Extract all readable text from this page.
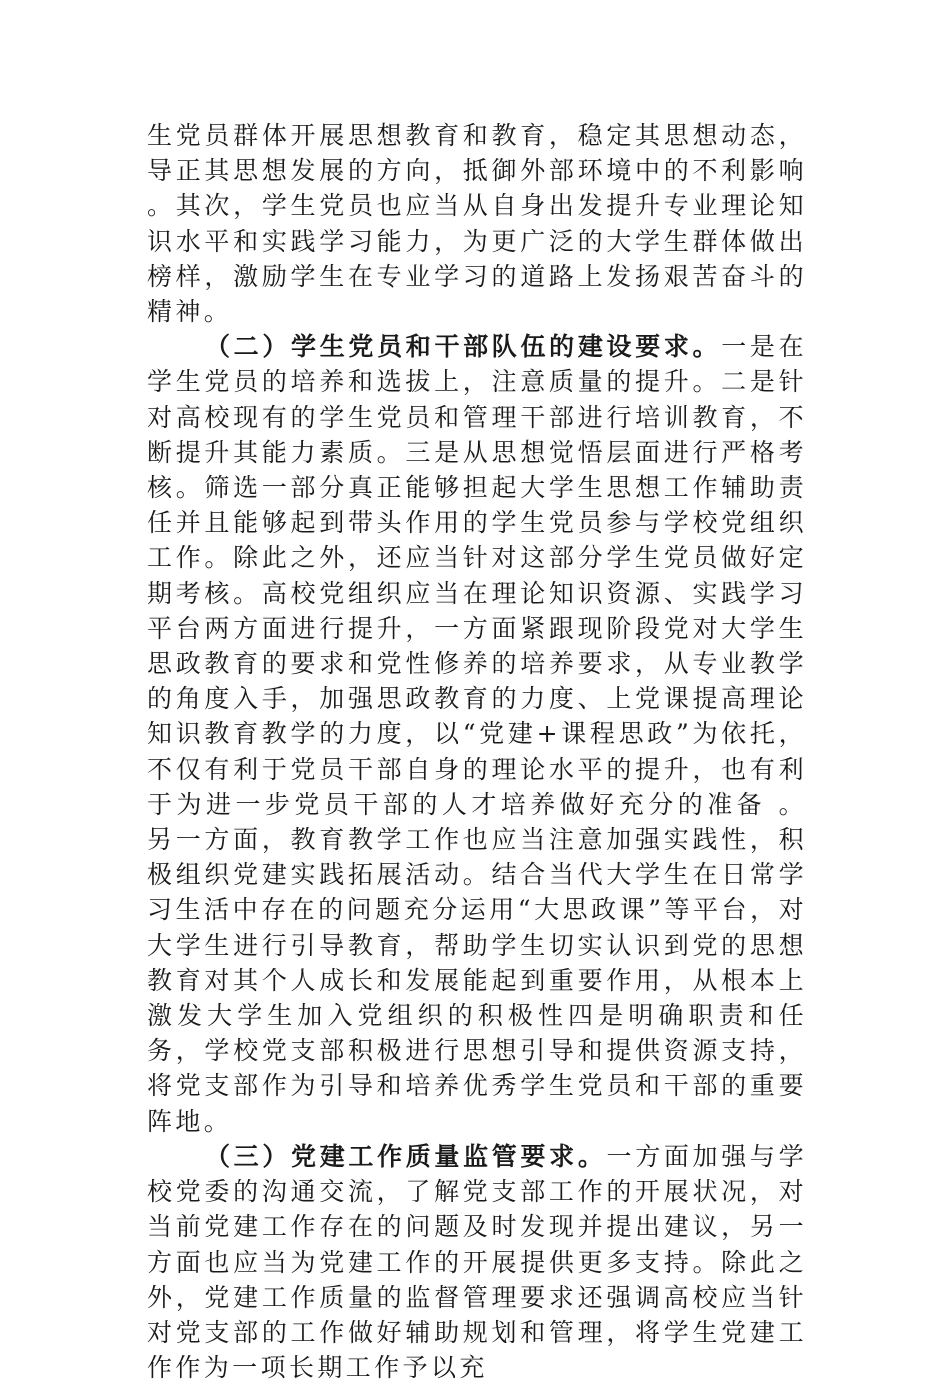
生党员群体开展思想教育和教育，稳定其思想动态，导正其思想发展的方向，抵御外部环境中的不利影响 。其次，学生党员也应当从自身出发提升专业理论知识水平和实践学习能力，为更广泛的大学生群体做出榜样，激励学生在专业学习的道路上发扬艰苦奋斗的精神。

（二）学生党员和干部队伍的建设要求。一是在学生党员的培养和选拔上，注意质量的提升。二是针对高校现有的学生党员和管理干部进行培训教育，不断提升其能力素质。三是从思想觉悟层面进行严格考核。筛选一部分真正能够担起大学生思想工作辅助责任并且能够起到带头作用的学生党员参与学校党组织工作。除此之外，还应当针对这部分学生党员做好定期考核。高校党组织应当在理论知识资源、实践学习平台两方面进行提升，一方面紧跟现阶段党对大学生思政教育的要求和党性修养的培养要求，从专业教学的角度入手，加强思政教育的力度、上党课提高理论知识教育教学的力度，以“党建+课程思政”为依托，不仅有利于党员干部自身的理论水平的提升，也有利于为进一步党员干部的人才培养做好充分的准备 。另一方面，教育教学工作也应当注意加强实践性，积极组织党建实践拓展活动。结合当代大学生在日常学习生活中存在的问题充分运用“大思政课”等平台，对大学生进行引导教育，帮助学生切实认识到党的思想教育对其个人成长和发展能起到重要作用，从根本上激发大学生加入党组织的积极性四是明确职责和任务，学校党支部积极进行思想引导和提供资源支持，将党支部作为引导和培养优秀学生党员和干部的重要阵地。

（三）党建工作质量监管要求。一方面加强与学校党委的沟通交流，了解党支部工作的开展状况，对当前党建工作存在的问题及时发现并提出建议，另一方面也应当为党建工作的开展提供更多支持。除此之外，党建工作质量的监督管理要求还强调高校应当针对党支部的工作做好辅助规划和管理，将学生党建工作作为一项长期工作予以充
